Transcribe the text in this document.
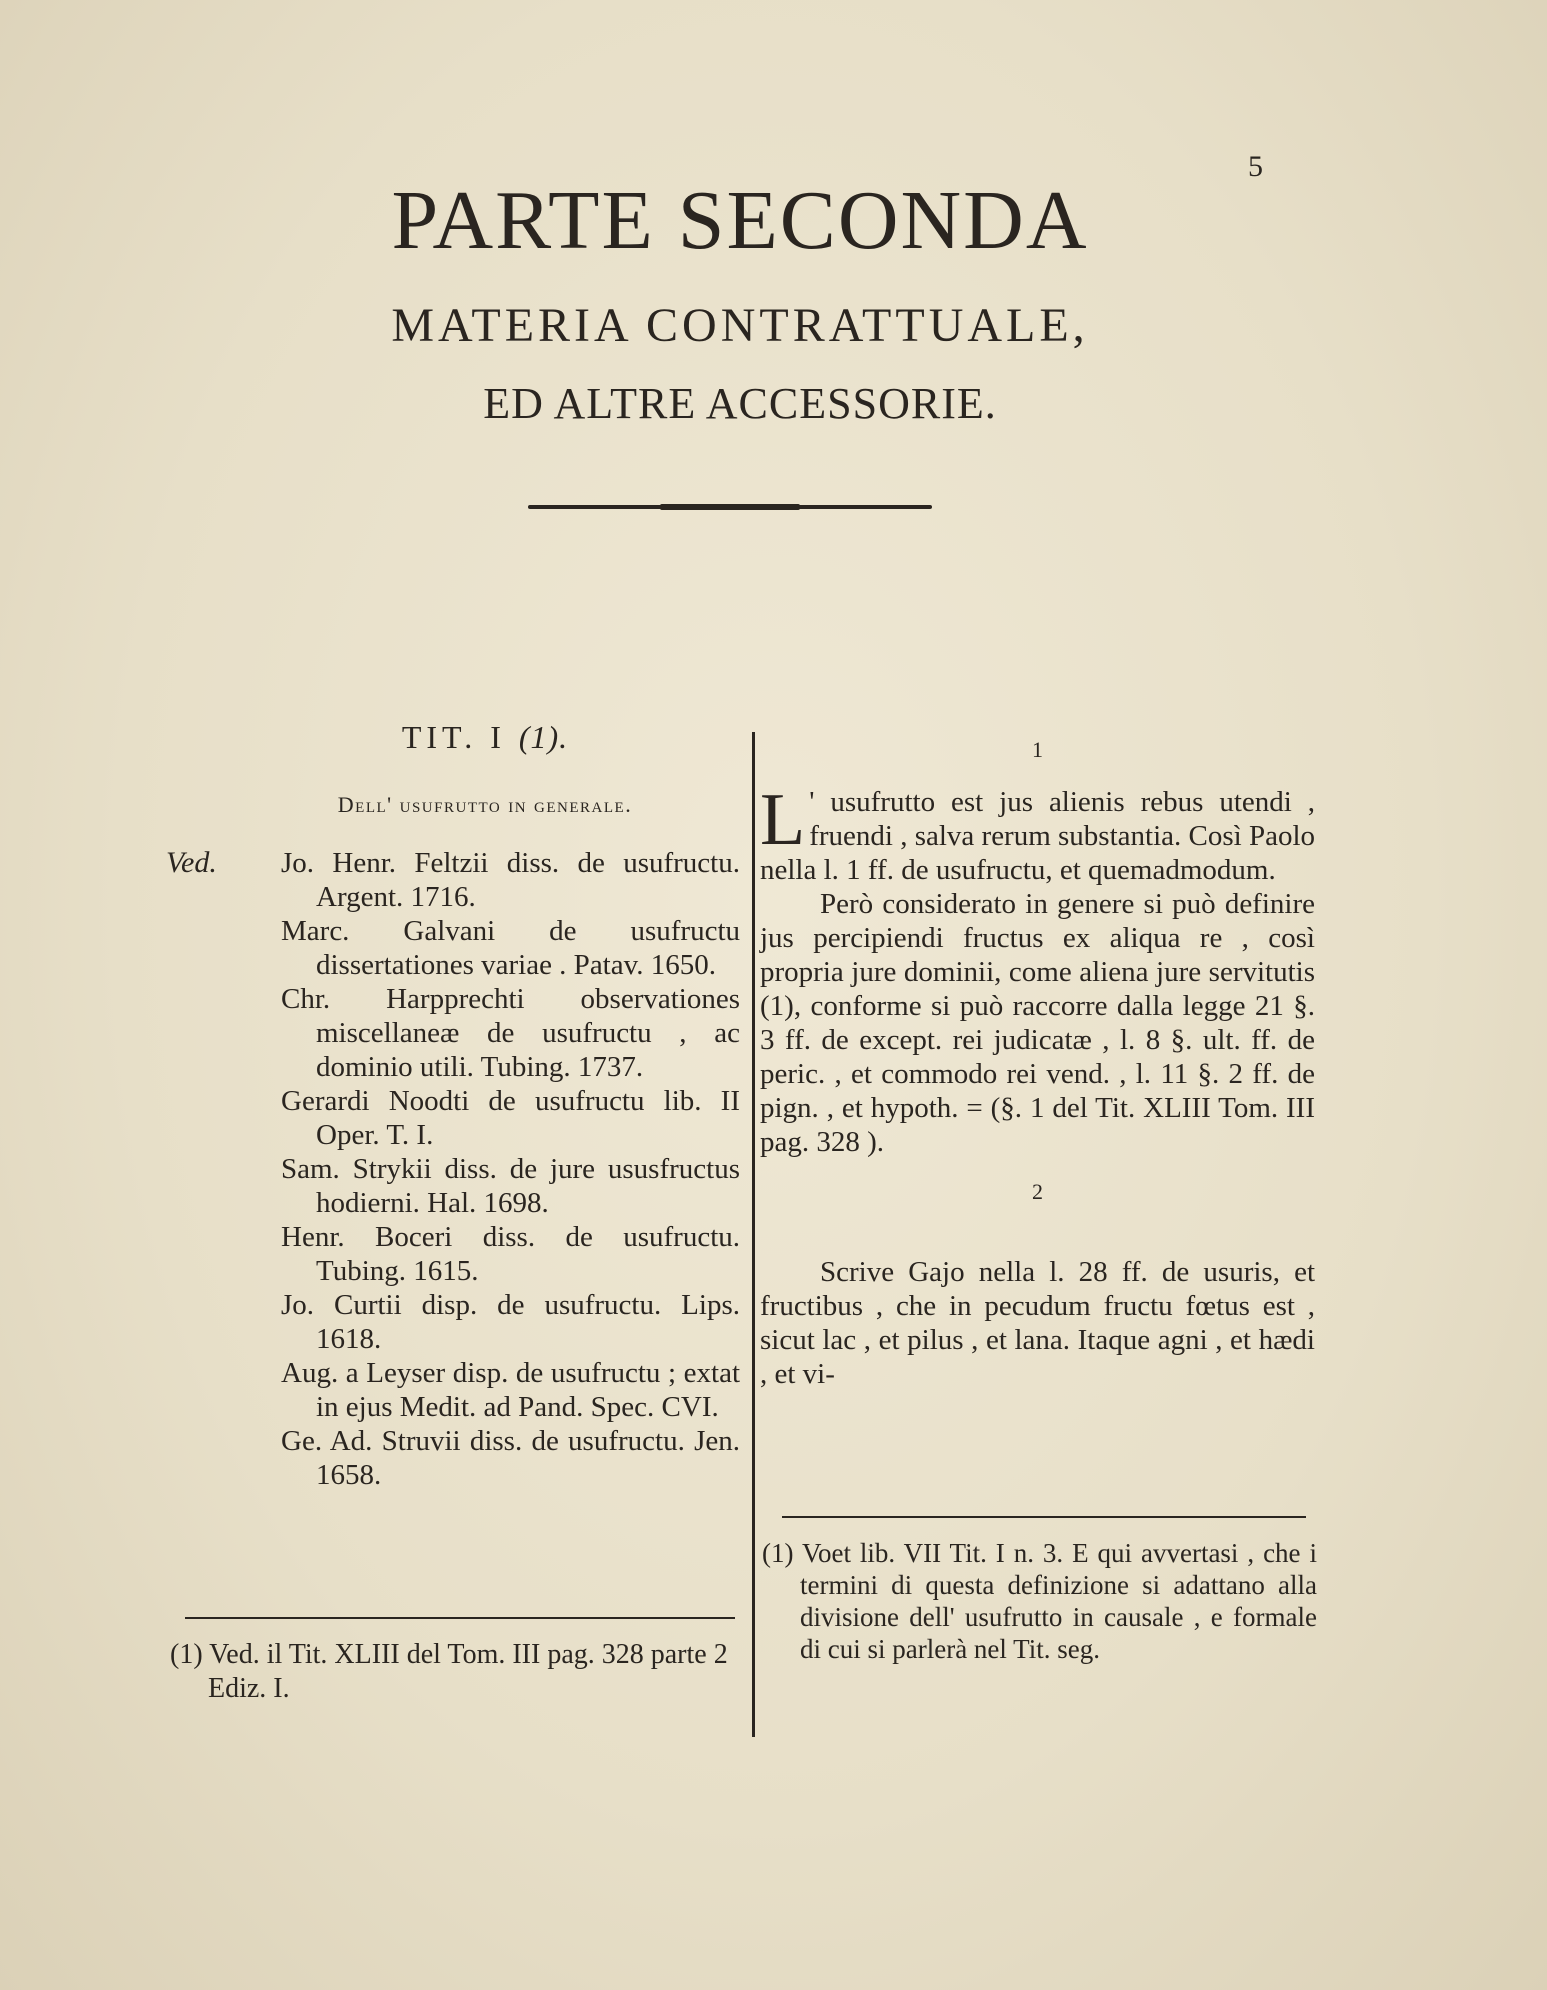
5
PARTE SECONDA
MATERIA CONTRATTUALE,
ED ALTRE ACCESSORIE.
TIT. I (1).
Dell' usufrutto in generale.
Ved.	Jo. Henr. Feltzii diss. de usufructu. Argent. 1716.
Marc. Galvani de usufructu dissertationes variae . Patav. 1650.
Chr. Harpprechti observationes miscellaneæ de usufructu , ac dominio utili. Tubing. 1737.
Gerardi Noodti de usufructu lib. II Oper. T. I.
Sam. Strykii diss. de jure ususfructus hodierni. Hal. 1698.
Henr. Boceri diss. de usufructu. Tubing. 1615.
Jo. Curtii disp. de usufructu. Lips. 1618.
Aug. a Leyser disp. de usufructu ; extat in ejus Medit. ad Pand. Spec. CVI.
Ge. Ad. Struvii diss. de usufructu. Jen. 1658.
(1) Ved. il Tit. XLIII del Tom. III pag. 328 parte 2 Ediz. I.
1

L ' usufrutto est jus alienis rebus utendi , fruendi , salva rerum substantia. Così Paolo nella l. 1 ff. de usufructu, et quemadmodum.

Però considerato in genere si può definire jus percipiendi fructus ex aliqua re , così propria jure dominii, come aliena jure servitutis (1), conforme si può raccorre dalla legge 21 §. 3 ff. de except. rei judicatæ , l. 8 §. ult. ff. de peric. , et commodo rei vend. , l. 11 §. 2 ff. de pign. , et hypoth. = (§. 1 del Tit. XLIII Tom. III pag. 328 ).

2

Scrive Gajo nella l. 28 ff. de usuris, et fructibus , che in pecudum fructu fœtus est , sicut lac , et pilus , et lana. Itaque agni , et hædi , et vi-

(1) Voet lib. VII Tit. I n. 3. E qui avvertasi , che i termini di questa definizione si adattano alla divisione dell' usufrutto in causale , e formale di cui si parlerà nel Tit. seg.
